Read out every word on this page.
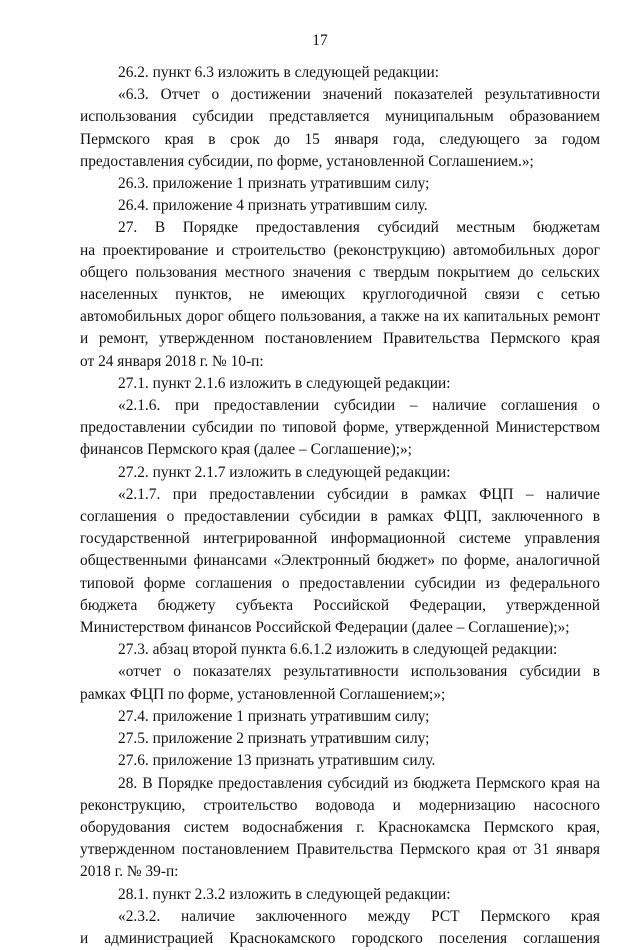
17

26.2. пункт 6.3 изложить в следующей редакции:

«6.3. Отчет о достижении значений показателей результативности использования субсидии представляется муниципальным образованием Пермского края в срок до 15 января года, следующего за годом предоставления субсидии, по форме, установленной Соглашением.»;

26.3. приложение 1 признать утратившим силу;

26.4. приложение 4 признать утратившим силу.

27. В Порядке предоставления субсидий местным бюджетам
на проектирование и строительство (реконструкцию) автомобильных дорог
общего пользования местного значения с твердым покрытием до сельских
населенных пунктов, не имеющих круглогодичной связи с сетью
автомобильных дорог общего пользования, а также на их капитальных ремонт
и ремонт, утвержденном постановлением Правительства Пермского края
от 24 января 2018 г. № 10-п:

27.1. пункт 2.1.6 изложить в следующей редакции:

«2.1.6. при предоставлении субсидии – наличие соглашения о предоставлении субсидии по типовой форме, утвержденной Министерством финансов Пермского края (далее – Соглашение);»;

27.2. пункт 2.1.7 изложить в следующей редакции:

«2.1.7. при предоставлении субсидии в рамках ФЦП – наличие соглашения о предоставлении субсидии в рамках ФЦП, заключенного в государственной интегрированной информационной системе управления общественными финансами «Электронный бюджет» по форме, аналогичной типовой форме соглашения о предоставлении субсидии из федерального бюджета бюджету субъекта Российской Федерации, утвержденной Министерством финансов Российской Федерации (далее – Соглашение);»;

27.3. абзац второй пункта 6.6.1.2 изложить в следующей редакции:

«отчет о показателях результативности использования субсидии в рамках ФЦП по форме, установленной Соглашением;»;

27.4. приложение 1 признать утратившим силу;

27.5. приложение 2 признать утратившим силу;

27.6. приложение 13 признать утратившим силу.

28. В Порядке предоставления субсидий из бюджета Пермского края на реконструкцию, строительство водовода и модернизацию насосного оборудования систем водоснабжения г. Краснокамска Пермского края, утвержденном постановлением Правительства Пермского края от 31 января 2018 г. № 39-п:

28.1. пункт 2.3.2 изложить в следующей редакции:

«2.3.2. наличие заключенного между РСТ Пермского края
и администрацией Краснокамского городского поселения соглашения
